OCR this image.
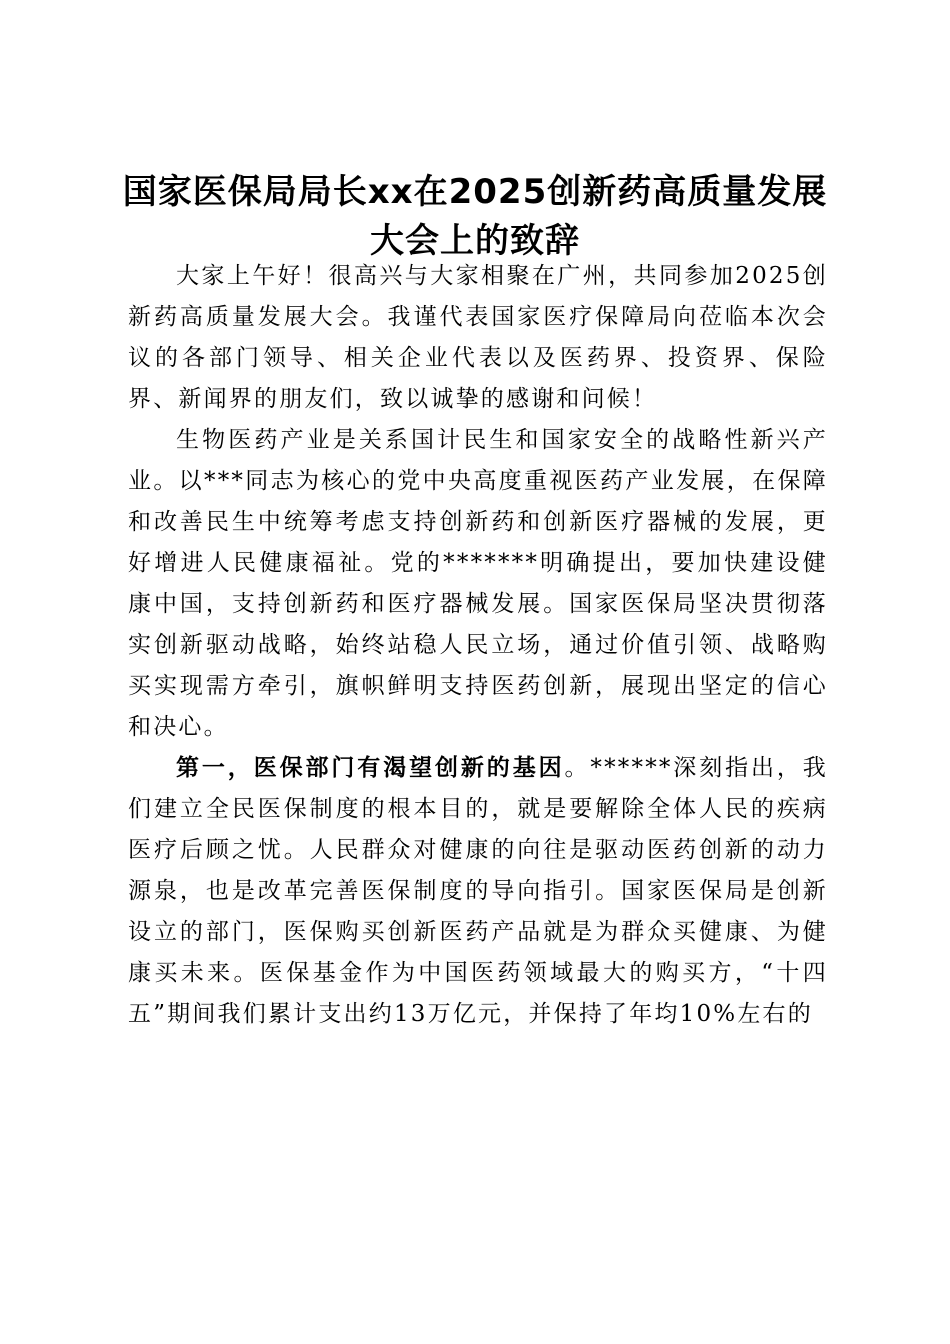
国家医保局局长xx在2025创新药高质量发展
大会上的致辞

大家上午好！很高兴与大家相聚在广州，共同参加2025创新药高质量发展大会。我谨代表国家医疗保障局向莅临本次会议的各部门领导、相关企业代表以及医药界、投资界、保险界、新闻界的朋友们，致以诚挚的感谢和问候！

生物医药产业是关系国计民生和国家安全的战略性新兴产业。以***同志为核心的党中央高度重视医药产业发展，在保障和改善民生中统筹考虑支持创新药和创新医疗器械的发展，更好增进人民健康福祉。党的*******明确提出，要加快建设健康中国，支持创新药和医疗器械发展。国家医保局坚决贯彻落实创新驱动战略，始终站稳人民立场，通过价值引领、战略购买实现需方牵引，旗帜鲜明支持医药创新，展现出坚定的信心和决心。

第一，医保部门有渴望创新的基因。******深刻指出，我们建立全民医保制度的根本目的，就是要解除全体人民的疾病医疗后顾之忧。人民群众对健康的向往是驱动医药创新的动力源泉，也是改革完善医保制度的导向指引。国家医保局是创新设立的部门，医保购买创新医药产品就是为群众买健康、为健康买未来。医保基金作为中国医药领域最大的购买方，“十四五”期间我们累计支出约13万亿元，并保持了年均10%左右的
